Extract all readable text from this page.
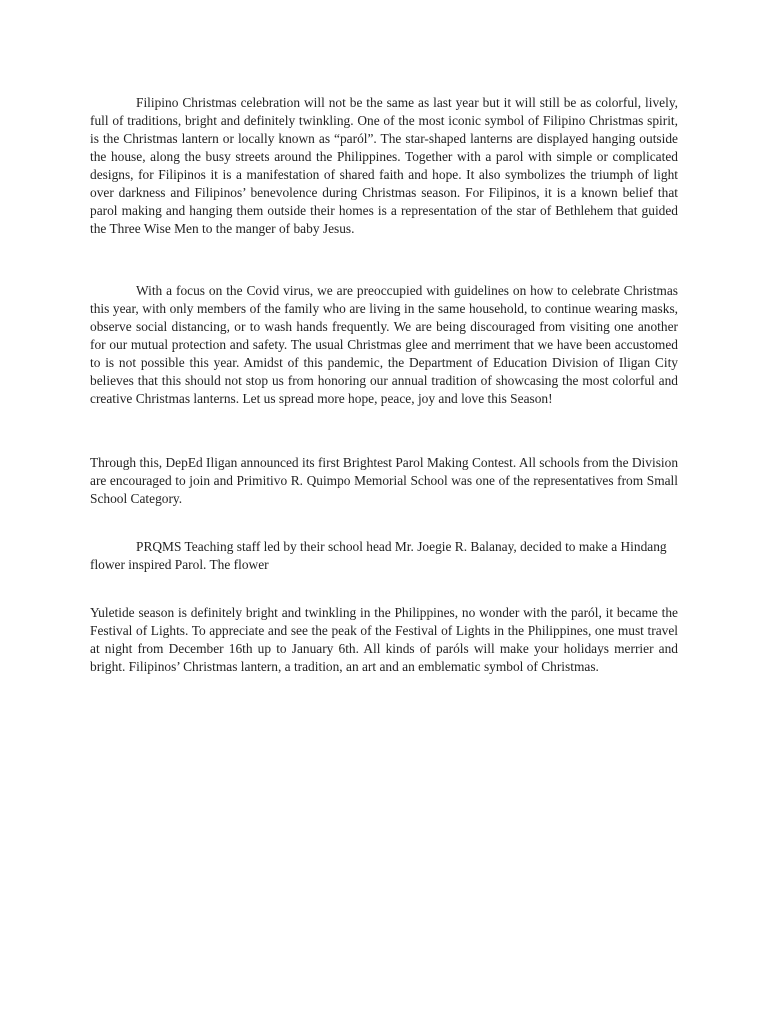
Filipino Christmas celebration will not be the same as last year but it will still be as colorful, lively, full of traditions, bright and definitely twinkling. One of the most iconic symbol of Filipino Christmas spirit, is the Christmas lantern or locally known as “paról”. The star-shaped lanterns are displayed hanging outside the house, along the busy streets around the Philippines. Together with a parol with simple or complicated designs, for Filipinos it is a manifestation of shared faith and hope. It also symbolizes the triumph of light over darkness and Filipinos’ benevolence during Christmas season. For Filipinos, it is a known belief that parol making and hanging them outside their homes is a representation of the star of Bethlehem that guided the Three Wise Men to the manger of baby Jesus.

With a focus on the Covid virus, we are preoccupied with guidelines on how to celebrate Christmas this year, with only members of the family who are living in the same household, to continue wearing masks, observe social distancing, or to wash hands frequently. We are being discouraged from visiting one another for our mutual protection and safety. The usual Christmas glee and merriment that we have been accustomed to is not possible this year. Amidst of this pandemic, the Department of Education Division of Iligan City believes that this should not stop us from honoring our annual tradition of showcasing the most colorful and creative Christmas lanterns. Let us spread more hope, peace, joy and love this Season!

Through this, DepEd Iligan announced its first Brightest Parol Making Contest. All schools from the Division are encouraged to join and Primitivo R. Quimpo Memorial School was one of the representatives from Small School Category.

PRQMS Teaching staff led by their school head Mr. Joegie R. Balanay, decided to make a Hindang flower inspired Parol. The flower

Yuletide season is definitely bright and twinkling in the Philippines, no wonder with the paról, it became the Festival of Lights. To appreciate and see the peak of the Festival of Lights in the Philippines, one must travel at night from December 16th up to January 6th. All kinds of paróls will make your holidays merrier and bright. Filipinos’ Christmas lantern, a tradition, an art and an emblematic symbol of Christmas.
